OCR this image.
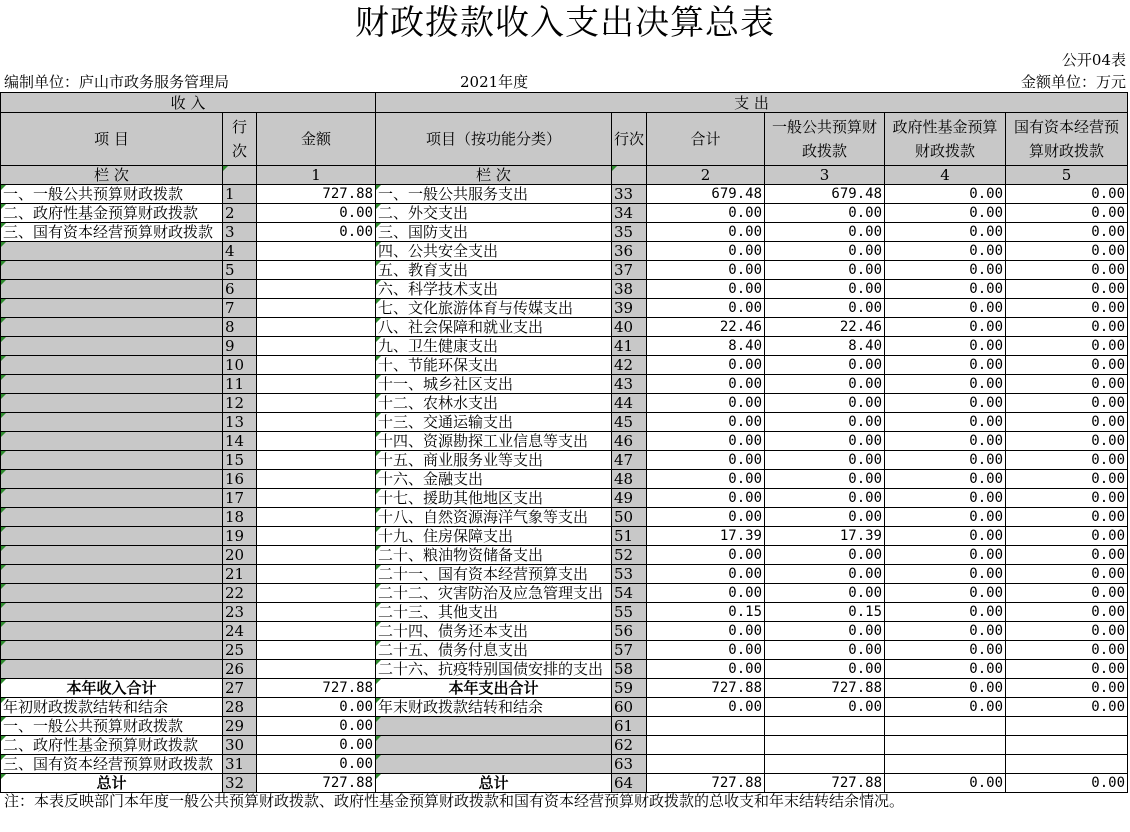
财政拨款收入支出决算总表
公开04表
编制单位：庐山市政务服务管理局	2021年度	金额单位：万元
收 入			支 出					
项 目	行次	金额	项目（按功能分类）	行次	合计	一般公共预算财政拨款	政府性基金预算财政拨款	国有资本经营预算财政拨款
栏 次		1	栏 次		2	3	4	5
一、一般公共预算财政拨款	1	727.88	一、一般公共服务支出	33	679.48	679.48	0.00	0.00
二、政府性基金预算财政拨款	2	0.00	二、外交支出	34	0.00	0.00	0.00	0.00
三、国有资本经营预算财政拨款	3	0.00	三、国防支出	35	0.00	0.00	0.00	0.00
	4		四、公共安全支出	36	0.00	0.00	0.00	0.00
	5		五、教育支出	37	0.00	0.00	0.00	0.00
	6		六、科学技术支出	38	0.00	0.00	0.00	0.00
	7		七、文化旅游体育与传媒支出	39	0.00	0.00	0.00	0.00
	8		八、社会保障和就业支出	40	22.46	22.46	0.00	0.00
	9		九、卫生健康支出	41	8.40	8.40	0.00	0.00
	10		十、节能环保支出	42	0.00	0.00	0.00	0.00
	11		十一、城乡社区支出	43	0.00	0.00	0.00	0.00
	12		十二、农林水支出	44	0.00	0.00	0.00	0.00
	13		十三、交通运输支出	45	0.00	0.00	0.00	0.00
	14		十四、资源勘探工业信息等支出	46	0.00	0.00	0.00	0.00
	15		十五、商业服务业等支出	47	0.00	0.00	0.00	0.00
	16		十六、金融支出	48	0.00	0.00	0.00	0.00
	17		十七、援助其他地区支出	49	0.00	0.00	0.00	0.00
	18		十八、自然资源海洋气象等支出	50	0.00	0.00	0.00	0.00
	19		十九、住房保障支出	51	17.39	17.39	0.00	0.00
	20		二十、粮油物资储备支出	52	0.00	0.00	0.00	0.00
	21		二十一、国有资本经营预算支出	53	0.00	0.00	0.00	0.00
	22		二十二、灾害防治及应急管理支出	54	0.00	0.00	0.00	0.00
	23		二十三、其他支出	55	0.15	0.15	0.00	0.00
	24		二十四、债务还本支出	56	0.00	0.00	0.00	0.00
	25		二十五、债务付息支出	57	0.00	0.00	0.00	0.00
	26		二十六、抗疫特别国债安排的支出	58	0.00	0.00	0.00	0.00
本年收入合计	27	727.88	本年支出合计	59	727.88	727.88	0.00	0.00
年初财政拨款结转和结余	28	0.00	年末财政拨款结转和结余	60	0.00	0.00	0.00	0.00
一、一般公共预算财政拨款	29	0.00		61				
二、政府性基金预算财政拨款	30	0.00		62				
三、国有资本经营预算财政拨款	31	0.00		63				
总计	32	727.88	总计	64	727.88	727.88	0.00	0.00
注：本表反映部门本年度一般公共预算财政拨款、政府性基金预算财政拨款和国有资本经营预算财政拨款的总收支和年末结转结余情况。
